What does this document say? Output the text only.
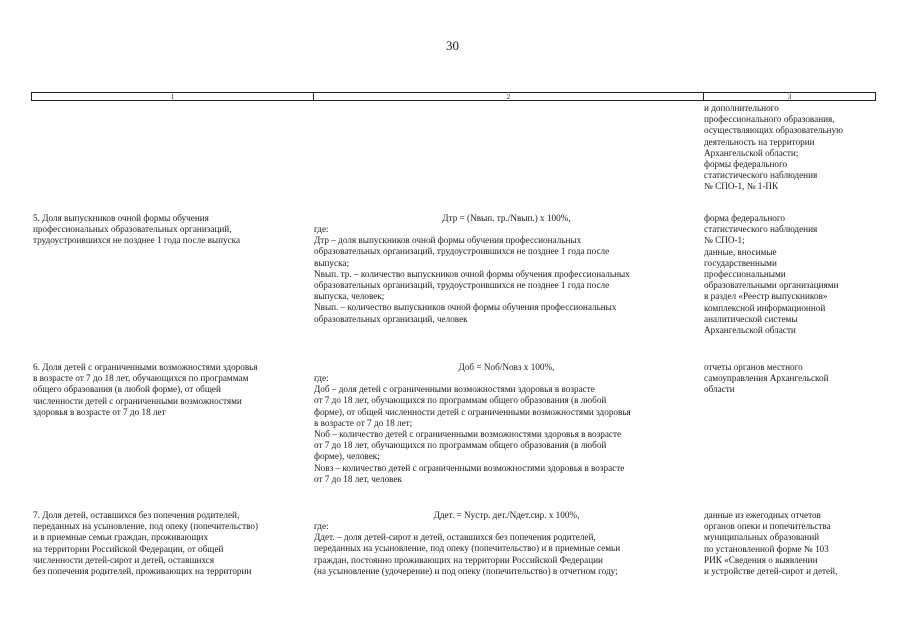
30
1	2	3
и дополнительного
профессионального образования,
осуществляющих образовательную
деятельность на территории
Архангельской области;
формы федерального
статистического наблюдения
№ СПО-1, № 1-ПК
5. Доля выпускников очной формы обучения
профессиональных образовательных организаций,
трудоустроившихся не позднее 1 года после выпуска
Дтр = (Nвып. тр./Nвып.) x 100%,
где:
Дтр – доля выпускников очной формы обучения профессиональных
образовательных организаций, трудоустроившихся не позднее 1 года после
выпуска;
Nвып. тр. – количество выпускников очной формы обучения профессиональных
образовательных организаций, трудоустроившихся не позднее 1 года после
выпуска, человек;
Nвып. – количество выпускников очной формы обучения профессиональных
образовательных организаций, человек
форма федерального
статистического наблюдения
№ СПО-1;
данные, вносимые
государственными
профессиональными
образовательными организациями
в раздел «Реестр выпускников»
комплексной информационной
аналитической системы
Архангельской области
6. Доля детей с ограниченными возможностями здоровья
в возрасте от 7 до 18 лет, обучающихся по программам
общего образования (в любой форме), от общей
численности детей с ограниченными возможностями
здоровья в возрасте от 7 до 18 лет
Доб = Nоб/Nовз x 100%,
где:
Доб – доля детей с ограниченными возможностями здоровья в возрасте
от 7 до 18 лет, обучающихся по программам общего образования (в любой
форме), от общей численности детей с ограниченными возможностями здоровья
в возрасте от 7 до 18 лет;
Nоб – количество детей с ограниченными возможностями здоровья в возрасте
от 7 до 18 лет, обучающихся по программам общего образования (в любой
форме), человек;
Nовз – количество детей с ограниченными возможностями здоровья в возрасте
от 7 до 18 лет, человек
отчеты органов местного
самоуправления Архангельской
области
7. Доля детей, оставшихся без попечения родителей,
переданных на усыновление, под опеку (попечительство)
и в приемные семьи граждан, проживающих
на территории Российской Федерации, от общей
численности детей-сирот и детей, оставшихся
без попечения родителей, проживающих на территории
Ддет. = Nустр. дет./Nдет.сир. x 100%,
где:
Ддет. – доля детей-сирот и детей, оставшихся без попечения родителей,
переданных на усыновление, под опеку (попечительство) и в приемные семьи
граждан, постоянно проживающих на территории Российской Федерации
(на усыновление (удочерение) и под опеку (попечительство) в отчетном году;
данные из ежегодных отчетов
органов опеки и попечительства
муниципальных образований
по установленной форме № 103
РИК «Сведения о выявлении
и устройстве детей-сирот и детей,
